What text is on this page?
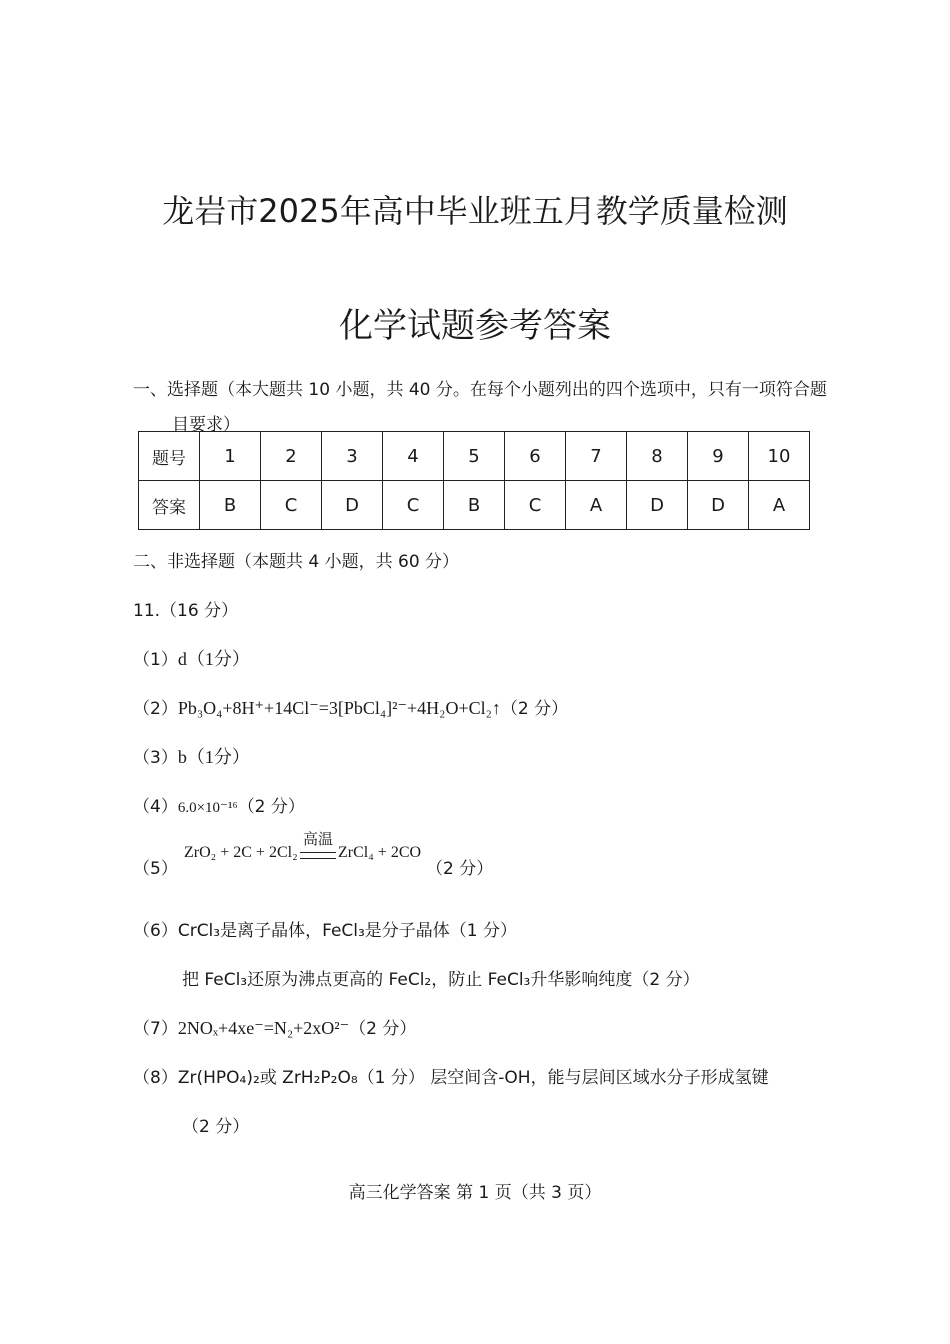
龙岩市2025年高中毕业班五月教学质量检测
化学试题参考答案
一、选择题（本大题共 10 小题，共 40 分。在每个小题列出的四个选项中，只有一项符合题
目要求）
题号	1	2	3	4	5	6	7	8	9	10
答案	B	C	D	C	B	C	A	D	D	A
二、非选择题（本题共 4 小题，共 60 分）
11.（16 分）
（1）d（1分）
（2）Pb₃O₄+8H⁺+14Cl⁻=3[PbCl₄]²⁻+4H₂O+Cl₂↑（2 分）
（3）b（1分）
（4）6.0×10⁻¹⁶（2 分）
（5）
ZrO₂ + 2C + 2Cl₂
高温
ZrCl₄ + 2CO
（2 分）
（6）CrCl₃是离子晶体，FeCl₃是分子晶体（1 分）
把 FeCl₃还原为沸点更高的 FeCl₂，防止 FeCl₃升华影响纯度（2 分）
（7）2NOₓ+4xe⁻=N₂+2xO²⁻（2 分）
（8）Zr(HPO₄)₂或 ZrH₂P₂O₈（1 分） 层空间含-OH，能与层间区域水分子形成氢键
（2 分）
高三化学答案 第 1 页（共 3 页）
